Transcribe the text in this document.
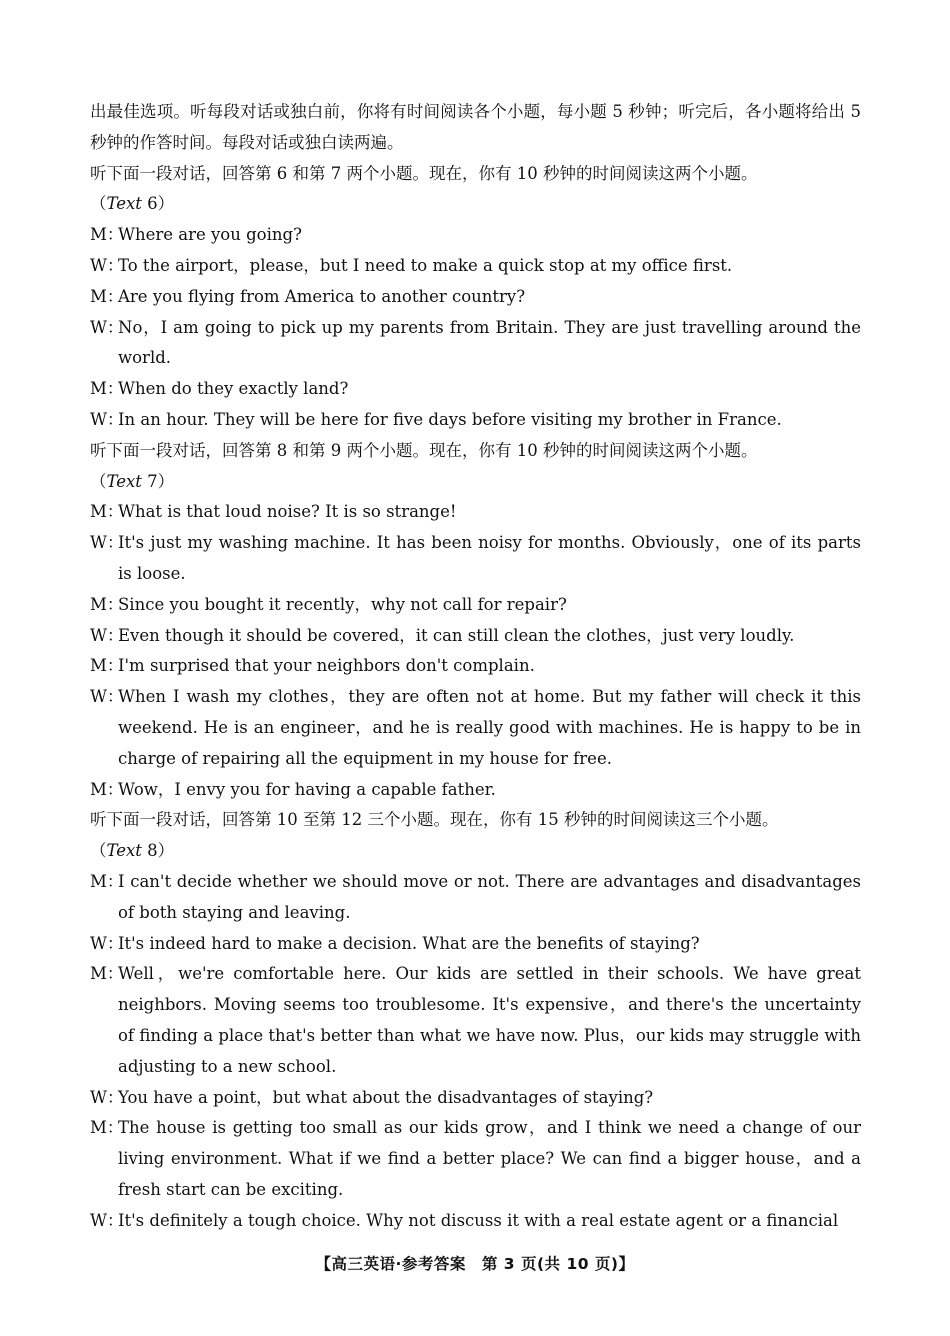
出最佳选项。听每段对话或独白前，你将有时间阅读各个小题，每小题 5 秒钟；听完后，各小题将给出 5 秒钟的作答时间。每段对话或独白读两遍。

听下面一段对话，回答第 6 和第 7 两个小题。现在，你有 10 秒钟的时间阅读这两个小题。

（Text 6）

M：Where are you going?

W：To the airport，please，but I need to make a quick stop at my office first.

M：Are you flying from America to another country?

W：No，I am going to pick up my parents from Britain. They are just travelling around the world.

M：When do they exactly land?

W：In an hour. They will be here for five days before visiting my brother in France.

听下面一段对话，回答第 8 和第 9 两个小题。现在，你有 10 秒钟的时间阅读这两个小题。

（Text 7）

M：What is that loud noise? It is so strange!

W：It's just my washing machine. It has been noisy for months. Obviously，one of its parts is loose.

M：Since you bought it recently，why not call for repair?

W：Even though it should be covered，it can still clean the clothes，just very loudly.

M：I'm surprised that your neighbors don't complain.

W：When I wash my clothes，they are often not at home. But my father will check it this weekend. He is an engineer，and he is really good with machines. He is happy to be in charge of repairing all the equipment in my house for free.

M：Wow，I envy you for having a capable father.

听下面一段对话，回答第 10 至第 12 三个小题。现在，你有 15 秒钟的时间阅读这三个小题。

（Text 8）

M：I can't decide whether we should move or not. There are advantages and disadvantages of both staying and leaving.

W：It's indeed hard to make a decision. What are the benefits of staying?

M：Well，we're comfortable here. Our kids are settled in their schools. We have great neighbors. Moving seems too troublesome. It's expensive，and there's the uncertainty of finding a place that's better than what we have now. Plus，our kids may struggle with adjusting to a new school.

W：You have a point，but what about the disadvantages of staying?

M：The house is getting too small as our kids grow，and I think we need a change of our living environment. What if we find a better place? We can find a bigger house，and a fresh start can be exciting.

W：It's definitely a tough choice. Why not discuss it with a real estate agent or a financial

【高三英语·参考答案　第 3 页(共 10 页)】
